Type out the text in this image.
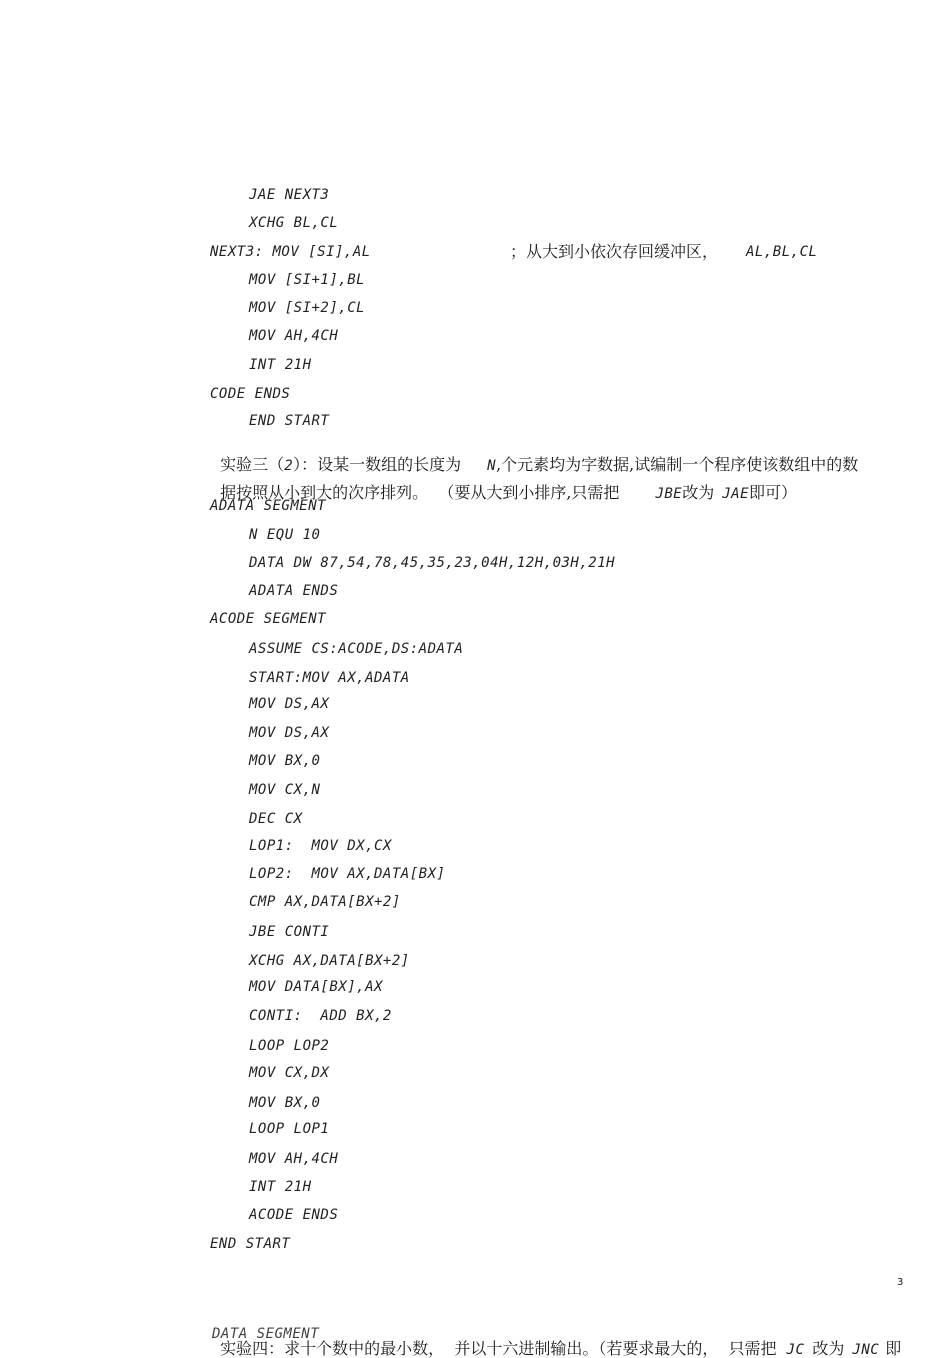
JAE NEXT3
XCHG BL,CL
NEXT3: MOV [SI],AL	；从大到小依次存回缓冲区， AL,BL,CL
MOV [SI+1],BL
MOV [SI+2],CL
MOV AH,4CH
INT 21H
CODE ENDS
END START

实验三（2）：设某一数组的长度为 N,个元素均为字数据,试编制一个程序使该数组中的数

据按照从小到大的次序排列。  （要从大到小排序,只需把	JBE改为 JAE即可）

ADATA SEGMENT
N EQU 10
DATA DW 87,54,78,45,35,23,04H,12H,03H,21H
ADATA ENDS
ACODE SEGMENT
ASSUME CS:ACODE,DS:ADATA
START:MOV AX,ADATA
MOV DS,AX
MOV DS,AX
MOV BX,0
MOV CX,N
DEC CX
LOP1:  MOV DX,CX
LOP2:  MOV AX,DATA[BX]
CMP AX,DATA[BX+2]
JBE CONTI
XCHG AX,DATA[BX+2]
MOV DATA[BX],AX
CONTI:  ADD BX,2
LOOP LOP2
MOV CX,DX
MOV BX,0
LOOP LOP1
MOV AH,4CH
INT 21H
ACODE ENDS
END START
3

实验四：求十个数中的最小数，  并以十六进制输出。（若要求最大的，  只需把 JC 改为 JNC 即

DATA SEGMENT
